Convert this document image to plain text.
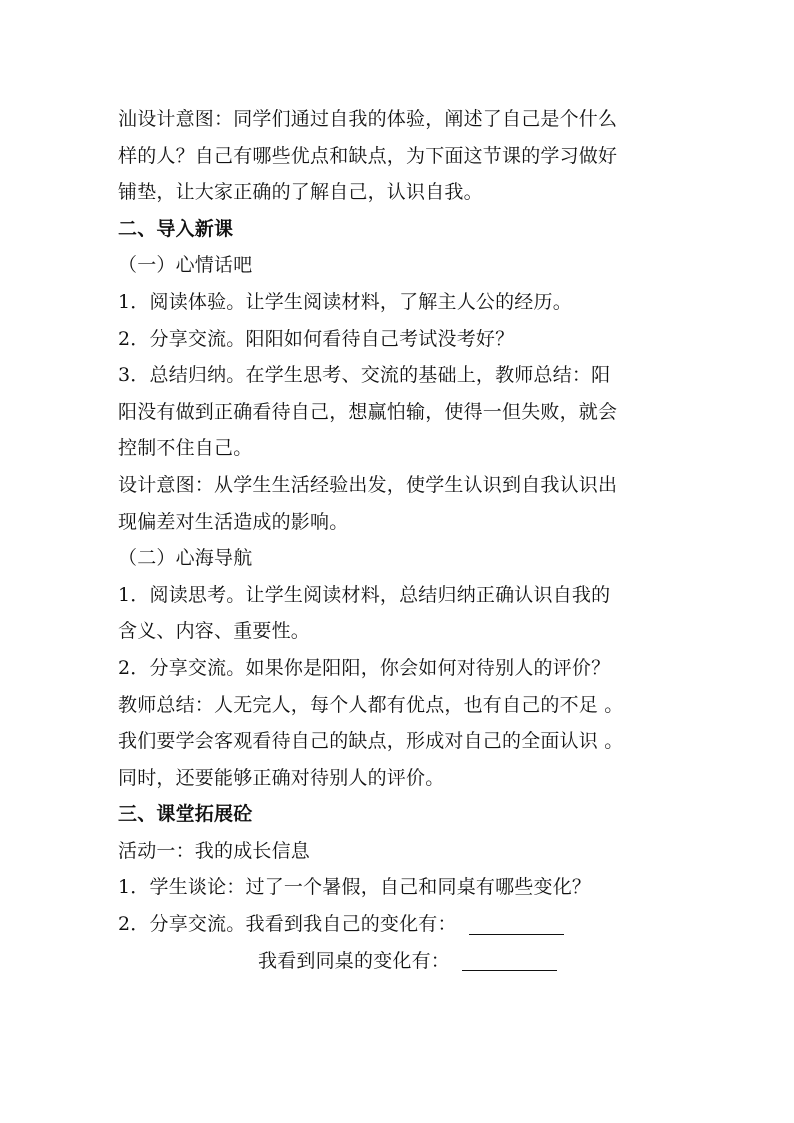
汕设计意图：同学们通过自我的体验，阐述了自己是个什么
样的人？自己有哪些优点和缺点，为下面这节课的学习做好
铺垫，让大家正确的了解自己，认识自我。
二、导入新课
（一）心情话吧
1．阅读体验。让学生阅读材料，了解主人公的经历。
2．分享交流。阳阳如何看待自己考试没考好？
3．总结归纳。在学生思考、交流的基础上，教师总结：阳
阳没有做到正确看待自己，想赢怕输，使得一但失败，就会
控制不住自己。
设计意图：从学生生活经验出发，使学生认识到自我认识出
现偏差对生活造成的影响。
（二）心海导航
1．阅读思考。让学生阅读材料，总结归纳正确认识自我的
含义、内容、重要性。
2．分享交流。如果你是阳阳，你会如何对待别人的评价？
教师总结：人无完人，每个人都有优点，也有自己的不足 。
我们要学会客观看待自己的缺点，形成对自己的全面认识 。
同时，还要能够正确对待别人的评价。
三、课堂拓展砼
活动一：我的成长信息
1．学生谈论：过了一个暑假，自己和同桌有哪些变化？
2．分享交流。我看到我自己的变化有：
我看到同桌的变化有：
